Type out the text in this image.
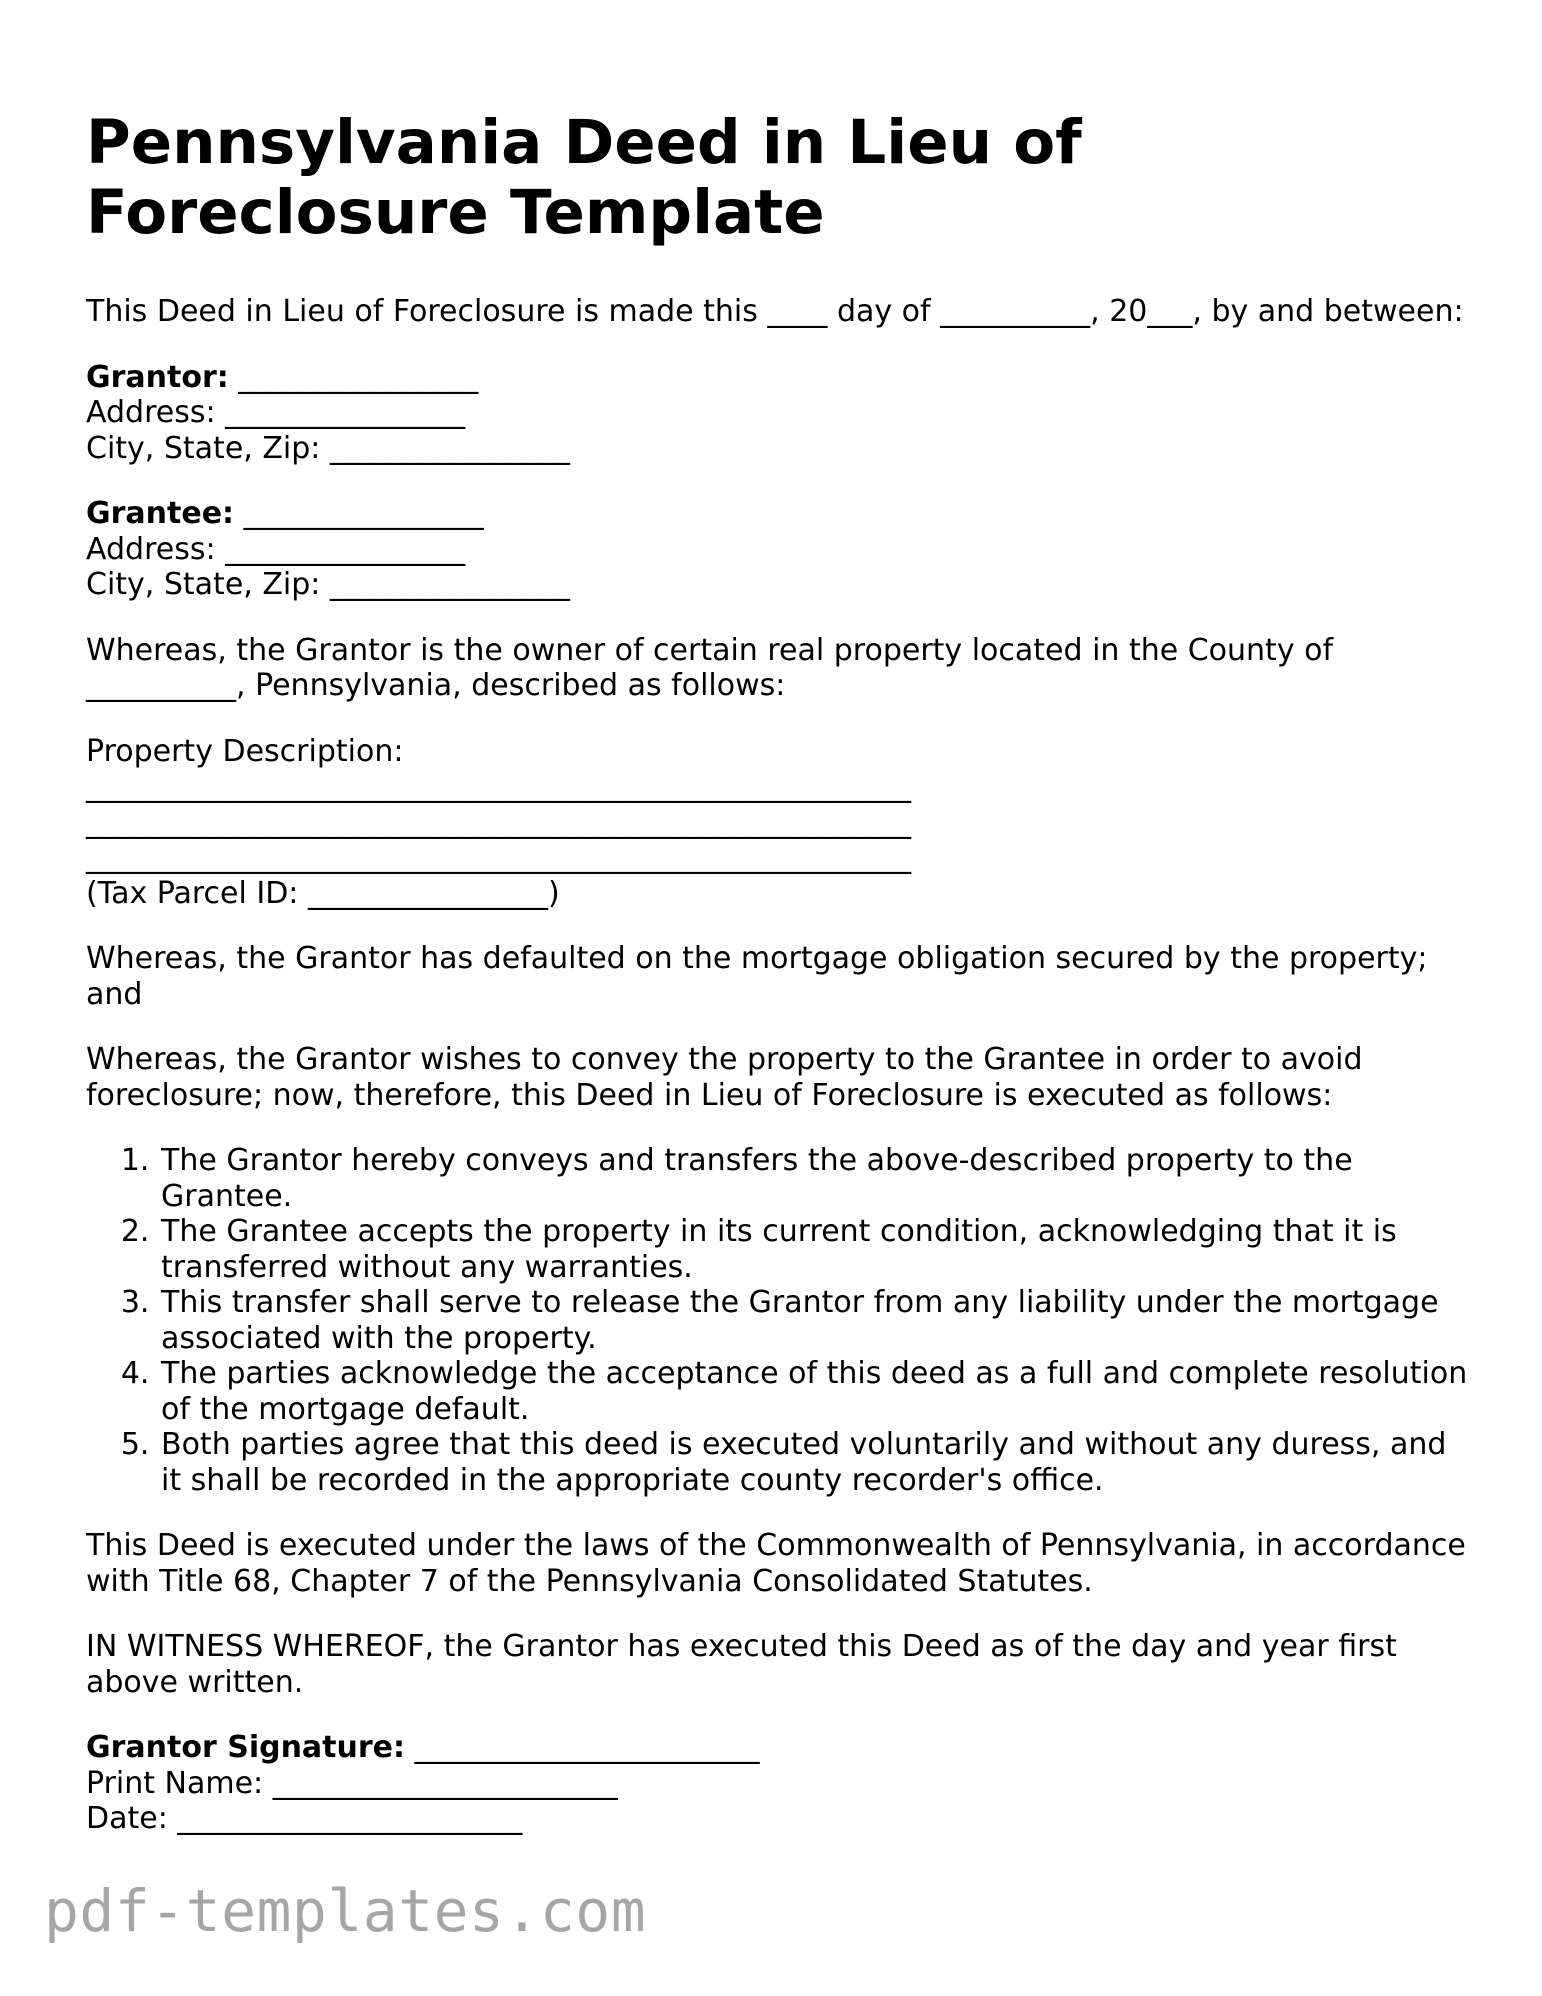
Pennsylvania Deed in Lieu of
Foreclosure Template

This Deed in Lieu of Foreclosure is made this ____ day of __________, 20___, by and between:

Grantor: ________________
Address: ________________
City, State, Zip: ________________

Grantee: ________________
Address: ________________
City, State, Zip: ________________

Whereas, the Grantor is the owner of certain real property located in the County of __________, Pennsylvania, described as follows:

Property Description:
_______________________________________________________
_______________________________________________________
_______________________________________________________
(Tax Parcel ID: ________________)

Whereas, the Grantor has defaulted on the mortgage obligation secured by the property; and

Whereas, the Grantor wishes to convey the property to the Grantee in order to avoid foreclosure; now, therefore, this Deed in Lieu of Foreclosure is executed as follows:

1. The Grantor hereby conveys and transfers the above-described property to the Grantee.
2. The Grantee accepts the property in its current condition, acknowledging that it is transferred without any warranties.
3. This transfer shall serve to release the Grantor from any liability under the mortgage associated with the property.
4. The parties acknowledge the acceptance of this deed as a full and complete resolution of the mortgage default.
5. Both parties agree that this deed is executed voluntarily and without any duress, and it shall be recorded in the appropriate county recorder's office.

This Deed is executed under the laws of the Commonwealth of Pennsylvania, in accordance with Title 68, Chapter 7 of the Pennsylvania Consolidated Statutes.

IN WITNESS WHEREOF, the Grantor has executed this Deed as of the day and year first above written.

Grantor Signature: _______________________
Print Name: _______________________
Date: _______________________

pdf-templates.com
